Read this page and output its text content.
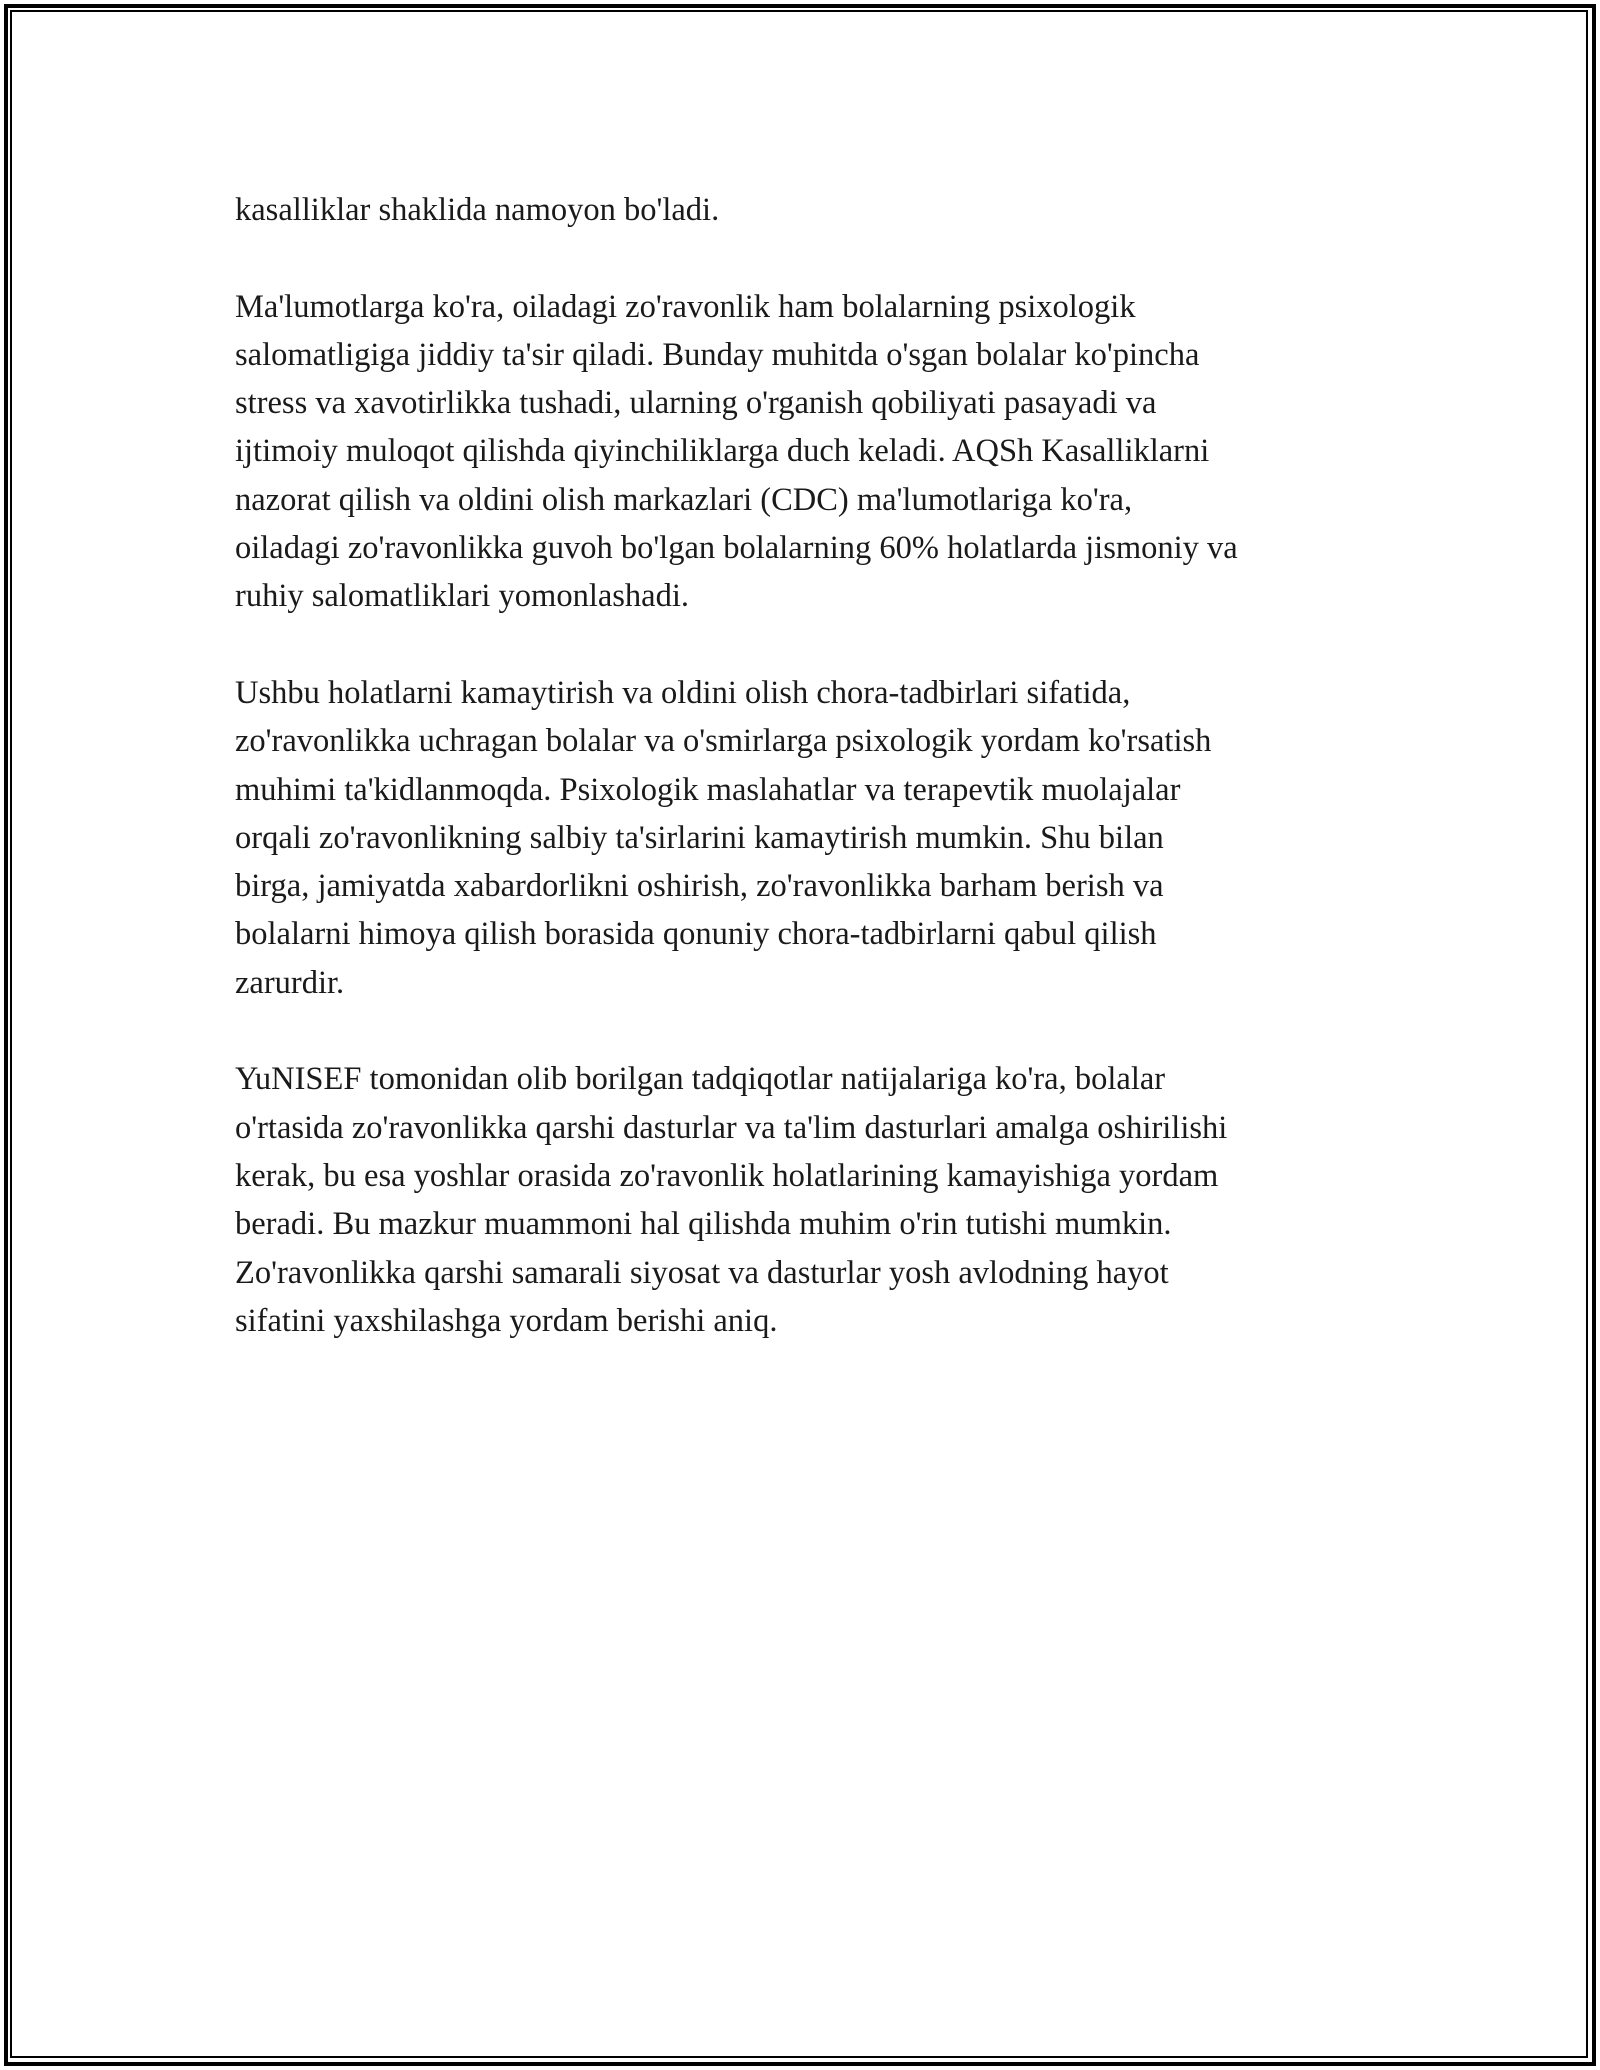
kasalliklar shaklida namoyon bo'ladi.

Ma'lumotlarga ko'ra, oiladagi zo'ravonlik ham bolalarning psixologik
salomatligiga jiddiy ta'sir qiladi. Bunday muhitda o'sgan bolalar ko'pincha
stress va xavotirlikka tushadi, ularning o'rganish qobiliyati pasayadi va
ijtimoiy muloqot qilishda qiyinchiliklarga duch keladi. AQSh Kasalliklarni
nazorat qilish va oldini olish markazlari (CDC) ma'lumotlariga ko'ra,
oiladagi zo'ravonlikka guvoh bo'lgan bolalarning 60% holatlarda jismoniy va
ruhiy salomatliklari yomonlashadi.

Ushbu holatlarni kamaytirish va oldini olish chora-tadbirlari sifatida,
zo'ravonlikka uchragan bolalar va o'smirlarga psixologik yordam ko'rsatish
muhimi ta'kidlanmoqda. Psixologik maslahatlar va terapevtik muolajalar
orqali zo'ravonlikning salbiy ta'sirlarini kamaytirish mumkin. Shu bilan
birga, jamiyatda xabardorlikni oshirish, zo'ravonlikka barham berish va
bolalarni himoya qilish borasida qonuniy chora-tadbirlarni qabul qilish
zarurdir.

YuNISEF tomonidan olib borilgan tadqiqotlar natijalariga ko'ra, bolalar
o'rtasida zo'ravonlikka qarshi dasturlar va ta'lim dasturlari amalga oshirilishi
kerak, bu esa yoshlar orasida zo'ravonlik holatlarining kamayishiga yordam
beradi. Bu mazkur muammoni hal qilishda muhim o'rin tutishi mumkin.
Zo'ravonlikka qarshi samarali siyosat va dasturlar yosh avlodning hayot
sifatini yaxshilashga yordam berishi aniq.
